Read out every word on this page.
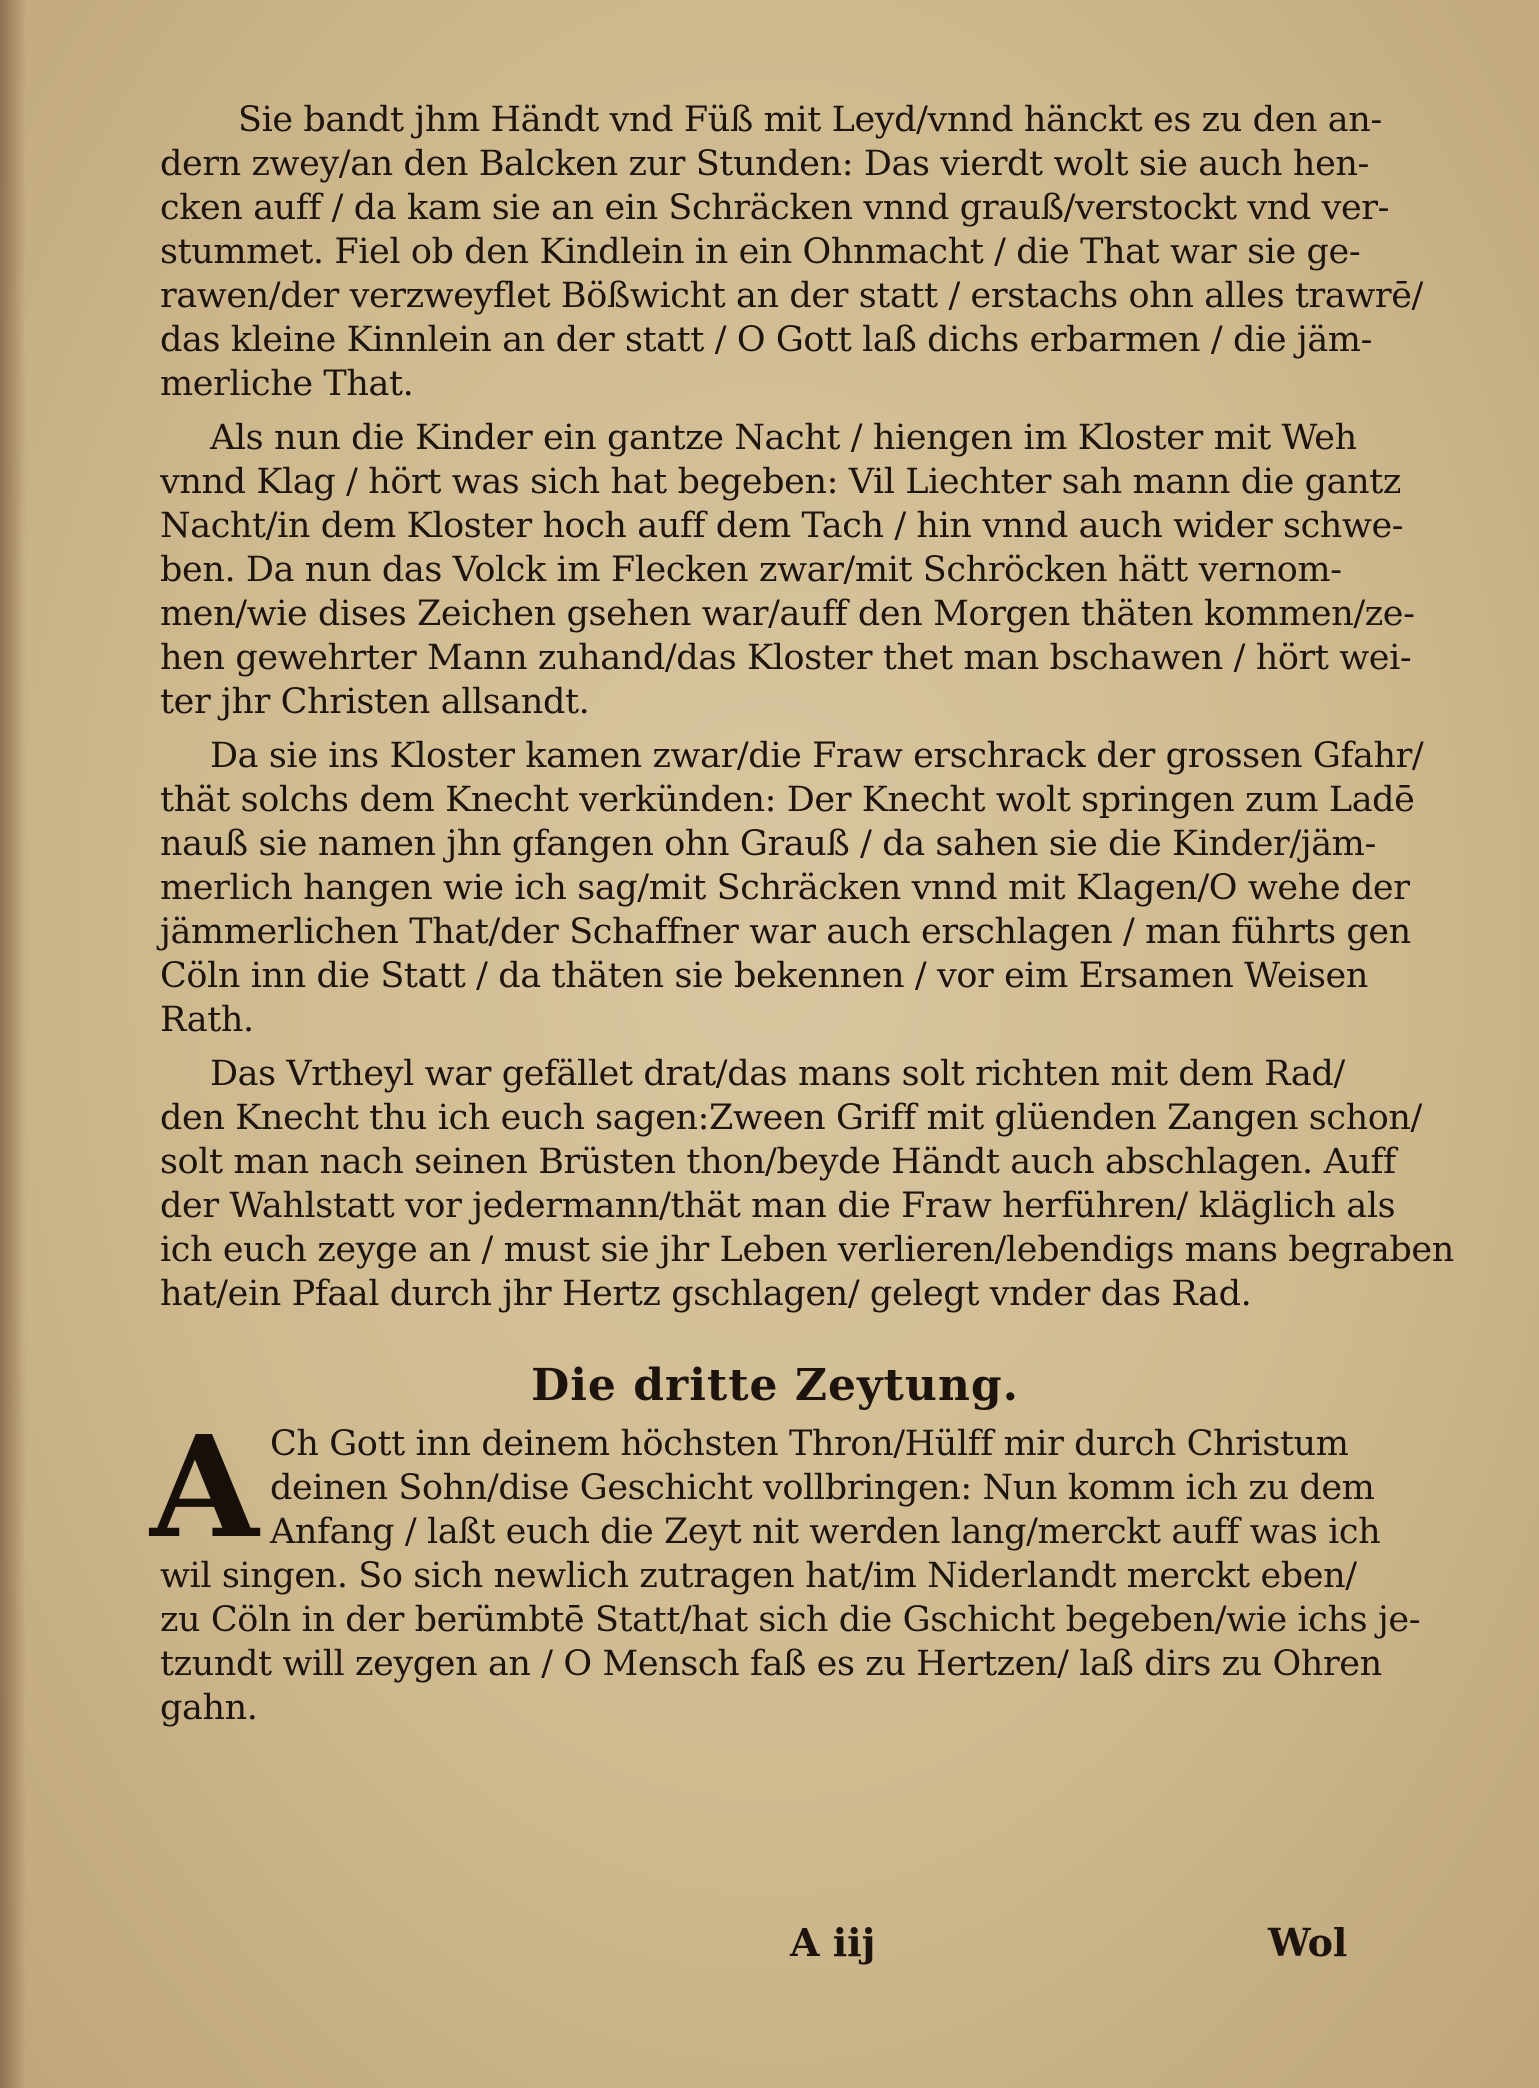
Sie bandt jhm Händt vnd Füß mit Leyd/vnnd hänckt es zu den an-
dern zwey/an den Balcken zur Stunden: Das vierdt wolt sie auch hen-
cken auff / da kam sie an ein Schräcken vnnd grauß/verstockt vnd ver-
stummet. Fiel ob den Kindlein in ein Ohnmacht / die That war sie ge-
rawen/der verzweyflet Bößwicht an der statt / erstachs ohn alles trawrē/
das kleine Kinnlein an der statt / O Gott laß dichs erbarmen / die jäm-
merliche That.
Als nun die Kinder ein gantze Nacht / hiengen im Kloster mit Weh
vnnd Klag / hört was sich hat begeben: Vil Liechter sah mann die gantz
Nacht/in dem Kloster hoch auff dem Tach / hin vnnd auch wider schwe-
ben. Da nun das Volck im Flecken zwar/mit Schröcken hätt vernom-
men/wie dises Zeichen gsehen war/auff den Morgen thäten kommen/ze-
hen gewehrter Mann zuhand/das Kloster thet man bschawen / hört wei-
ter jhr Christen allsandt.
Da sie ins Kloster kamen zwar/die Fraw erschrack der grossen Gfahr/
thät solchs dem Knecht verkünden: Der Knecht wolt springen zum Ladē
nauß sie namen jhn gfangen ohn Grauß / da sahen sie die Kinder/jäm-
merlich hangen wie ich sag/mit Schräcken vnnd mit Klagen/O wehe der
jämmerlichen That/der Schaffner war auch erschlagen / man führts gen
Cöln inn die Statt / da thäten sie bekennen / vor eim Ersamen Weisen
Rath.
Das Vrtheyl war gefället drat/das mans solt richten mit dem Rad/
den Knecht thu ich euch sagen:Zween Griff mit glüenden Zangen schon/
solt man nach seinen Brüsten thon/beyde Händt auch abschlagen. Auff
der Wahlstatt vor jedermann/thät man die Fraw herführen/ kläglich als
ich euch zeyge an / must sie jhr Leben verlieren/lebendigs mans begraben
hat/ein Pfaal durch jhr Hertz gschlagen/ gelegt vnder das Rad.
Die dritte Zeytung.
A Ch Gott inn deinem höchsten Thron/Hülff mir durch Christum
deinen Sohn/dise Geschicht vollbringen: Nun komm ich zu dem
Anfang / laßt euch die Zeyt nit werden lang/merckt auff was ich
wil singen. So sich newlich zutragen hat/im Niderlandt merckt eben/
zu Cöln in der berümbtē Statt/hat sich die Gschicht begeben/wie ichs je-
tzundt will zeygen an / O Mensch faß es zu Hertzen/ laß dirs zu Ohren
gahn.
A iij	Wol
